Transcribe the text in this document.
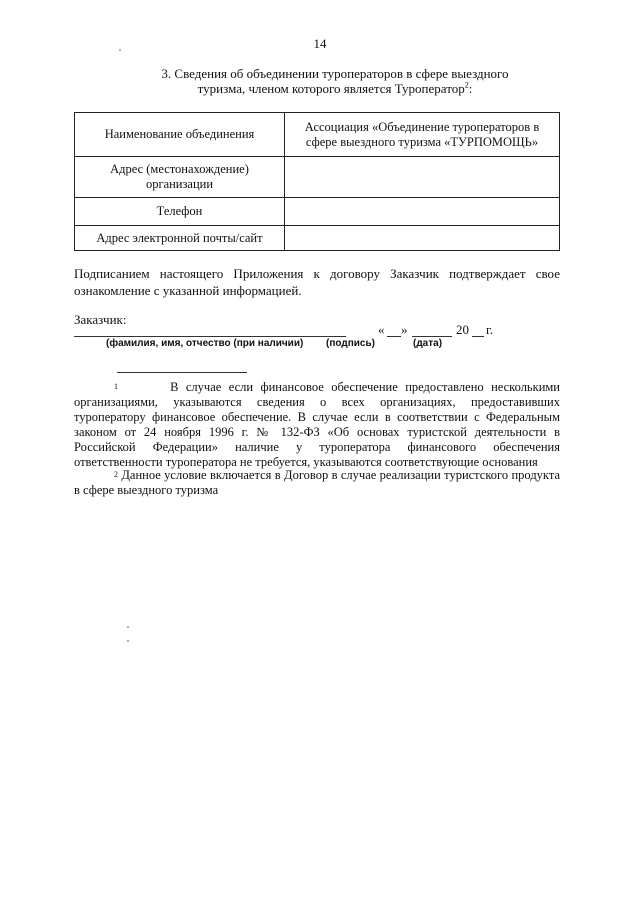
14
3. Сведения об объединении туроператоров в сфере выездного
туризма, членом которого является Туроператор$^2$:
Наименование объединения	Ассоциация «Объединение туроператоров в сфере выездного туризма «ТУРПОМОЩЬ»
Адрес (местонахождение) организации	
Телефон	
Адрес электронной почты/сайт	
Подписанием настоящего Приложения к договору Заказчик подтверждает свое ознакомление с указанной информацией.
Заказчик:
« »	20 г.
(фамилия, имя, отчество (при наличии) (подпись)	(дата)
$^1$	В случае если финансовое обеспечение предоставлено несколькими организациями, указываются сведения о всех организациях, предоставивших туроператору финансовое обеспечение. В случае если в соответствии с Федеральным законом от 24 ноября 1996 г. № 132-ФЗ «Об основах туристской деятельности в Российской Федерации» наличие у туроператора финансового обеспечения ответственности туроператора не требуется, указываются соответствующие основания
$^2$ Данное условие включается в Договор в случае реализации туристского продукта в сфере выездного туризма
